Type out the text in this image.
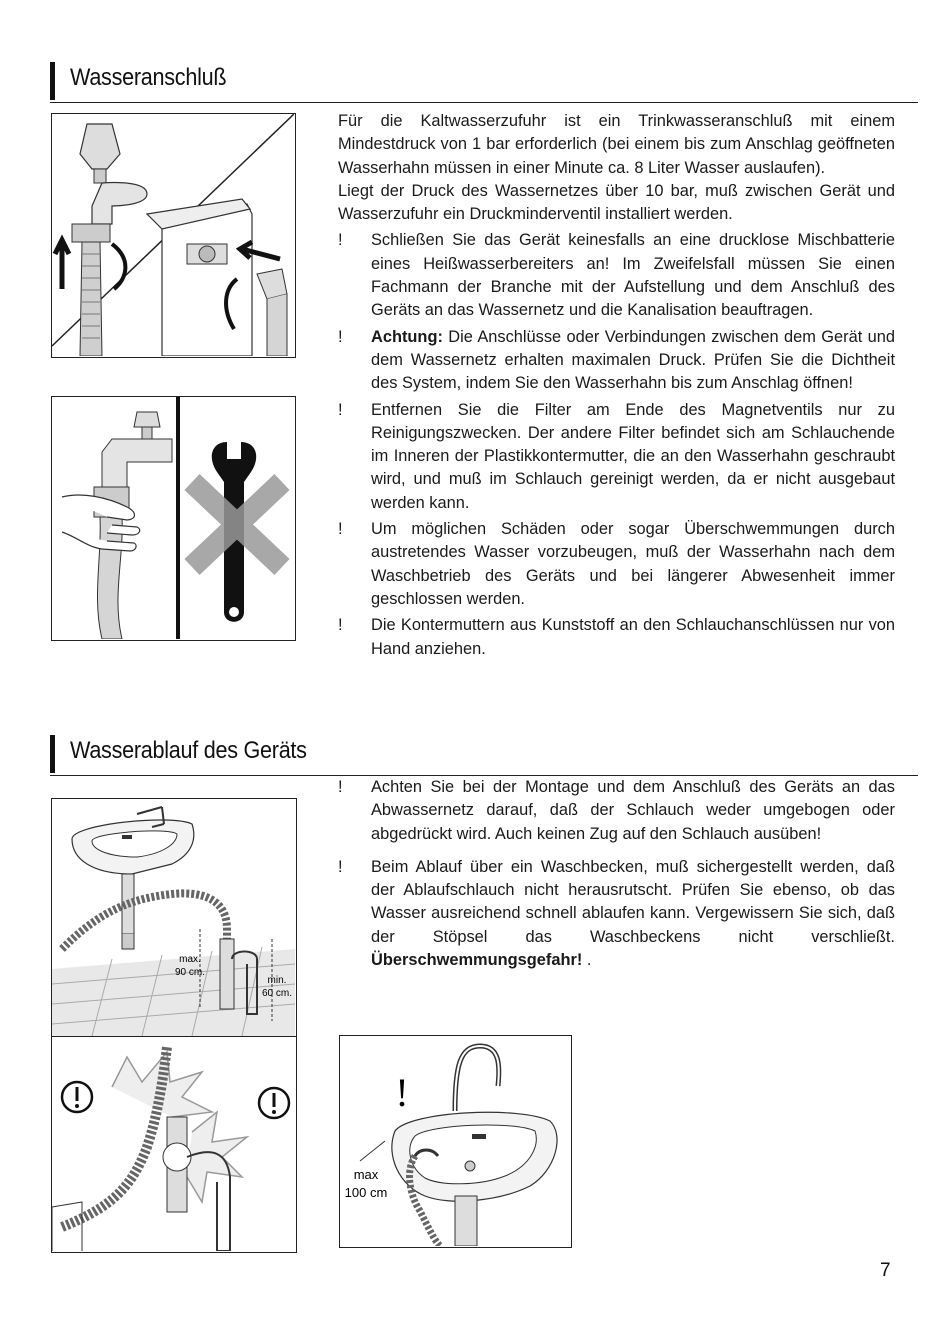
Wasseranschluß

Für die Kaltwasserzufuhr ist ein Trinkwasseranschluß mit einem Mindestdruck von 1 bar erforderlich (bei einem bis zum Anschlag geöffneten Wasserhahn müssen in einer Minute ca. 8 Liter Wasser auslaufen).

Liegt der Druck des Wassernetzes über 10 bar, muß zwischen Gerät und Wasserzufuhr ein Druckminderventil installiert werden.

! Schließen Sie das Gerät keinesfalls an eine drucklose Mischbatterie eines Heißwasserbereiters an! Im Zweifelsfall müssen Sie einen Fachmann der Branche mit der Aufstellung und dem Anschluß des Geräts an das Wassernetz und die Kanalisation beauftragen.
! Achtung: Die Anschlüsse oder Verbindungen zwischen dem Gerät und dem Wassernetz erhalten maximalen Druck. Prüfen Sie die Dichtheit des System, indem Sie den Wasserhahn bis zum Anschlag öffnen!
! Entfernen Sie die Filter am Ende des Magnetventils nur zu Reinigungszwecken. Der andere Filter befindet sich am Schlauchende im Inneren der Plastikkontermutter, die an den Wasserhahn geschraubt wird, und muß im Schlauch gereinigt werden, da er nicht ausgebaut werden kann.
! Um möglichen Schäden oder sogar Überschwemmungen durch austretendes Wasser vorzubeugen, muß der Wasserhahn nach dem Waschbetrieb des Geräts und bei längerer Abwesenheit immer geschlossen werden.
! Die Kontermuttern aus Kunststoff an den Schlauchanschlüssen nur von Hand anziehen.
Wasserablauf des Geräts
max.
90 cm.
min.
60 cm.
! Achten Sie bei der Montage und dem Anschluß des Geräts an das Abwassernetz darauf, daß der Schlauch weder umgebogen oder abgedrückt wird. Auch keinen Zug auf den Schlauch ausüben!
! Beim Ablauf über ein Waschbecken, muß sichergestellt werden, daß der Ablaufschlauch nicht herausrutscht. Prüfen Sie ebenso, ob das Wasser ausreichend schnell ablaufen kann. Vergewissern Sie sich, daß der Stöpsel das Waschbeckens nicht verschließt. Überschwemmungsgefahr! .
!
max
100 cm
7
